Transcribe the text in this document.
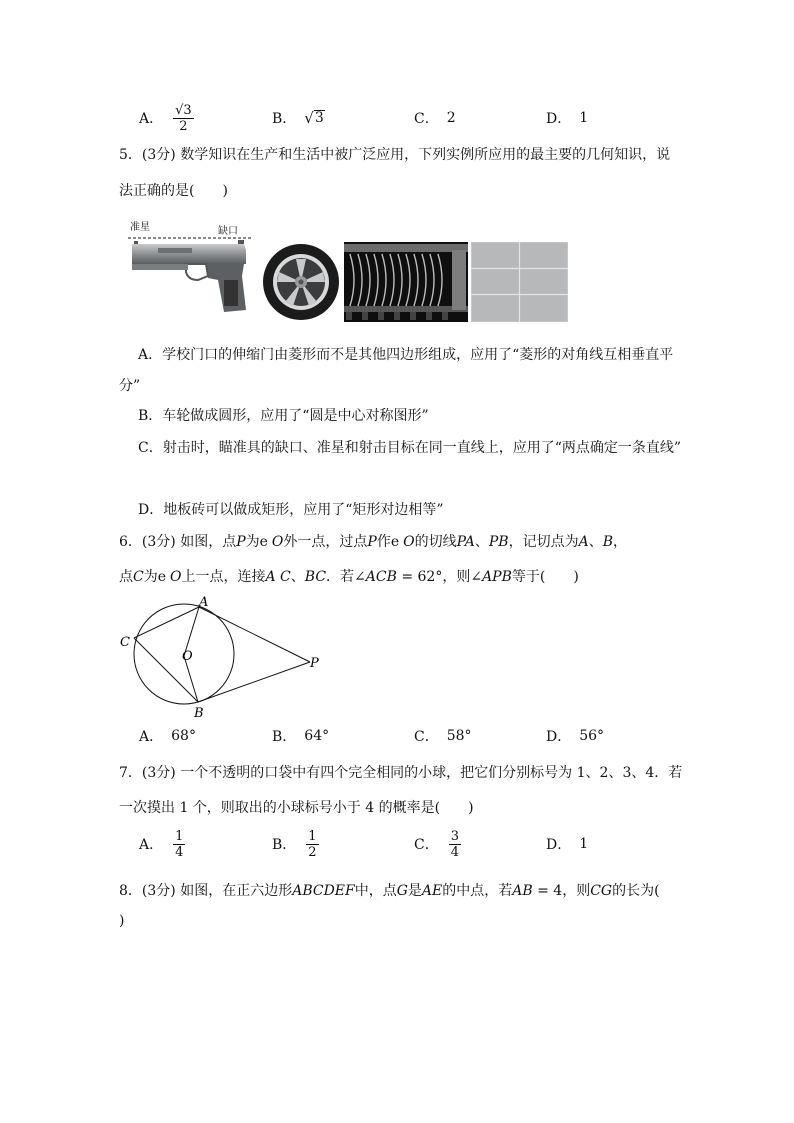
A． $\frac{√3}{2}$	B． √ 3	C． 2	D． 1
5．(3分) 数学知识在生产和生活中被广泛应用，下列实例所应用的最主要的几何知识，说
法正确的是(　　)
准星	缺口
A．学校门口的伸缩门由菱形而不是其他四边形组成，应用了“菱形的对角线互相垂直平
分”
B．车轮做成圆形，应用了“圆是中心对称图形”
C．射击时，瞄准具的缺口、准星和射击目标在同一直线上，应用了“两点确定一条直线”
D．地板砖可以做成矩形，应用了“矩形对边相等”
6．(3分) 如图，点P为e O外一点，过点P作e O的切线PA、PB，记切点为A、B，
点C为e O上一点，连接A C、BC．若∠ACB = 62°，则∠APB等于(　　)
A
B
C
O	P
A． 68°	B． 64°	C． 58°	D． 56°
7．(3分) 一个不透明的口袋中有四个完全相同的小球，把它们分别标号为 1、2、3、4．若
一次摸出 1 个，则取出的小球标号小于 4 的概率是(　　)
A． $\frac{1}{4}$	B． $\frac{1}{2}$	C． $\frac{3}{4}$	D． 1
8．(3分) 如图，在正六边形ABCDEF中，点G是AE的中点，若AB = 4，则CG的长为(
)
